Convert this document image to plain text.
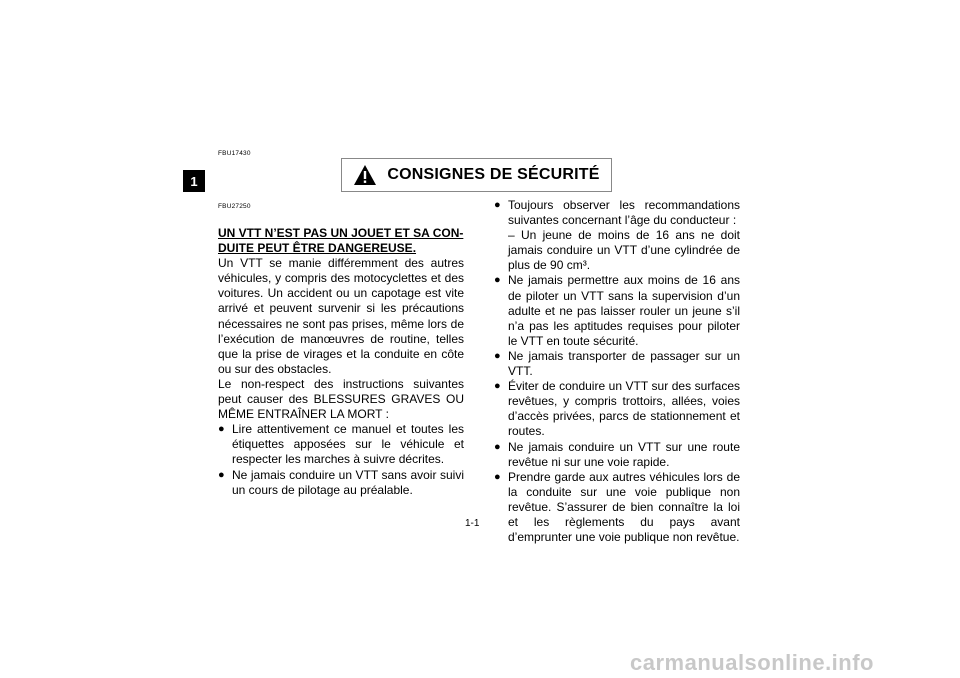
1
FBU17430
CONSIGNES DE SÉCURITÉ
FBU27250

UN VTT N’EST PAS UN JOUET ET SA CON-

DUITE PEUT ÊTRE DANGEREUSE.

Un VTT se manie différemment des autres véhicules, y compris des motocyclettes et des voitures. Un accident ou un capotage est vite arrivé et peuvent survenir si les précautions nécessaires ne sont pas prises, même lors de l’exécution de manœuvres de routine, telles que la prise de virages et la conduite en côte ou sur des obstacles.

Le non-respect des instructions suivantes peut causer des BLESSURES GRAVES OU MÊME ENTRAÎNER LA MORT :

● Lire attentivement ce manuel et toutes les étiquettes apposées sur le véhicule et respecter les marches à suivre décrites.

● Ne jamais conduire un VTT sans avoir suivi un cours de pilotage au préalable.

● Toujours observer les recommandations suivantes concernant l’âge du conducteur :

– Un jeune de moins de 16 ans ne doit jamais conduire un VTT d’une cylindrée de plus de 90 cm³.

● Ne jamais permettre aux moins de 16 ans de piloter un VTT sans la supervision d’un adulte et ne pas laisser rouler un jeune s’il n’a pas les aptitudes requises pour piloter le VTT en toute sécurité.

● Ne jamais transporter de passager sur un VTT.

● Éviter de conduire un VTT sur des surfaces revêtues, y compris trottoirs, allées, voies d’accès privées, parcs de stationnement et routes.

● Ne jamais conduire un VTT sur une route revêtue ni sur une voie rapide.

● Prendre garde aux autres véhicules lors de la conduite sur une voie publique non revêtue. S’assurer de bien connaître la loi et les règlements du pays avant d’emprunter une voie publique non revêtue.

1-1
carmanualsonline.info
